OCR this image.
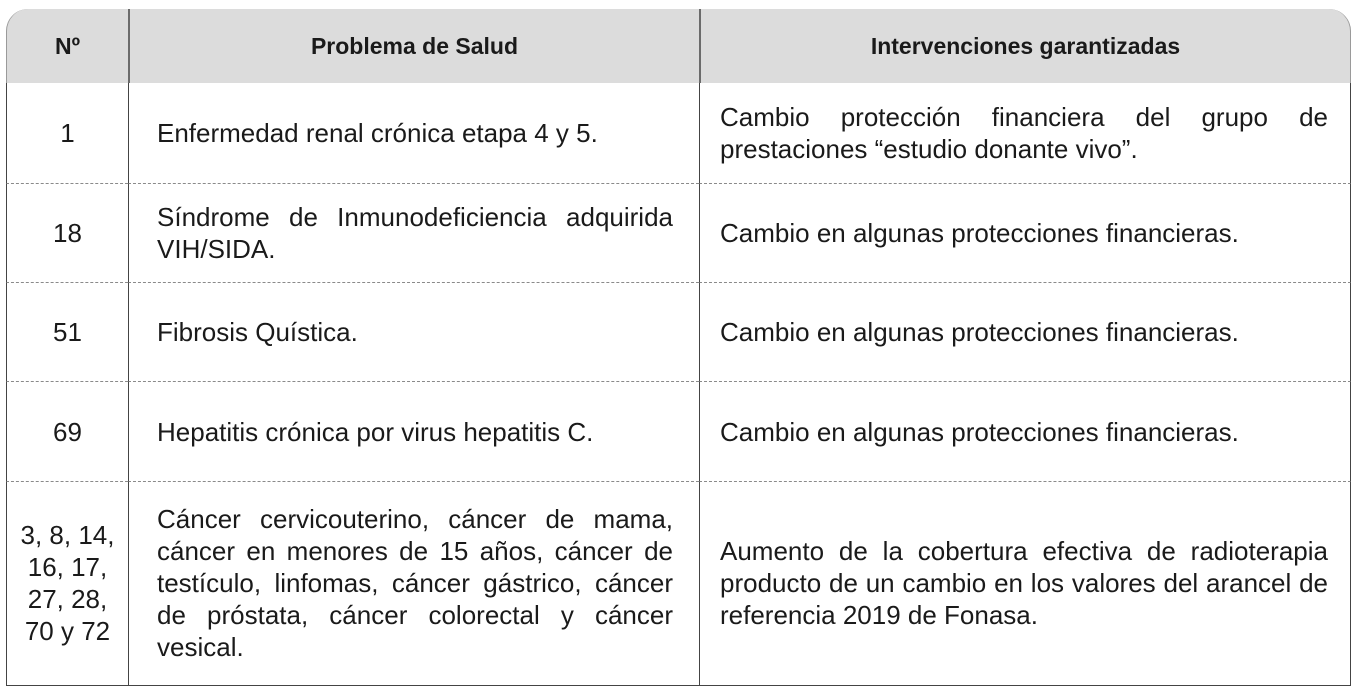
Nº	Problema de Salud	Intervenciones garantizadas
1	Enfermedad renal crónica etapa 4 y 5.	Cambio protección financiera del grupo de prestaciones “estudio donante vivo”.
18	Síndrome de Inmunodeficiencia adquirida VIH/SIDA.	Cambio en algunas protecciones financieras.
51	Fibrosis Quística.	Cambio en algunas protecciones financieras.
69	Hepatitis crónica por virus hepatitis C.	Cambio en algunas protecciones financieras.
3, 8, 14, 16, 17, 27, 28, 70 y 72	Cáncer cervicouterino, cáncer de mama, cáncer en menores de 15 años, cáncer de testículo, linfomas, cáncer gástrico, cáncer de próstata, cáncer colorectal y cáncer vesical.	Aumento de la cobertura efectiva de radioterapia producto de un cambio en los valores del arancel de referencia 2019 de Fonasa.
